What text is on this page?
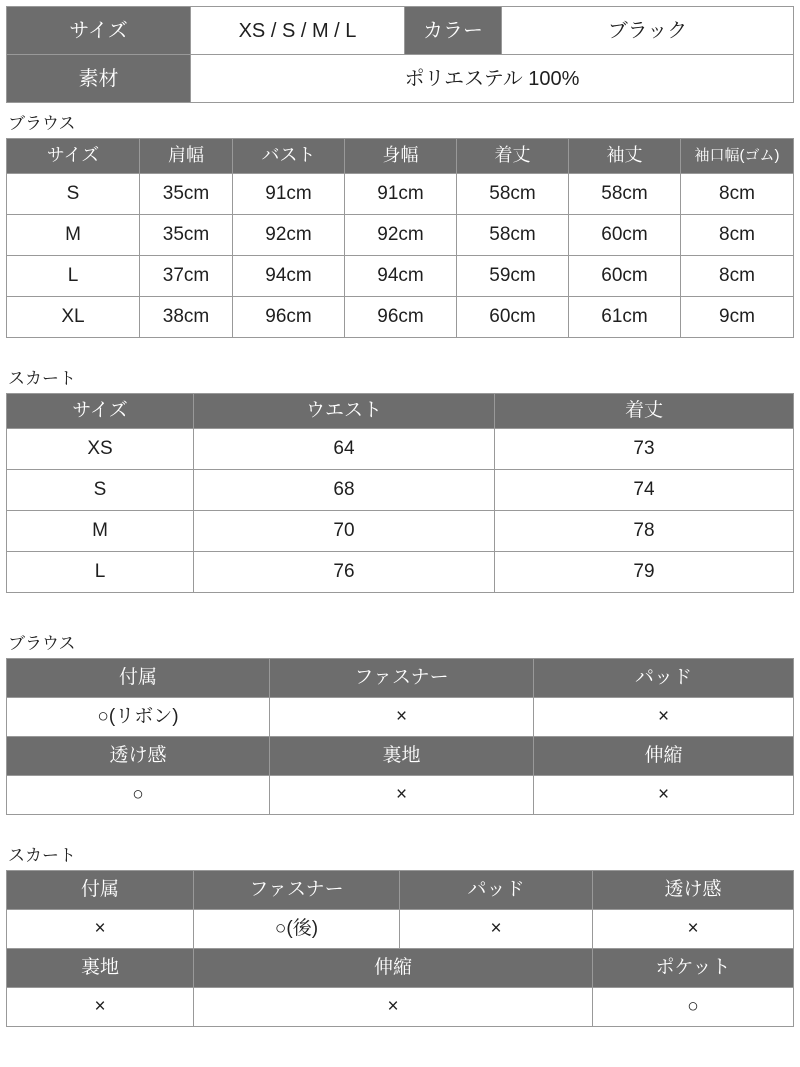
サイズ	XS / S / M / L	カラー	ブラック
素材	ポリエステル 100%		
ブラウス
サイズ	肩幅	バスト	身幅	着丈	袖丈	袖口幅(ゴム)
S	35cm	91cm	91cm	58cm	58cm	8cm
M	35cm	92cm	92cm	58cm	60cm	8cm
L	37cm	94cm	94cm	59cm	60cm	8cm
XL	38cm	96cm	96cm	60cm	61cm	9cm
スカート
サイズ	ウエスト	着丈
XS	64	73
S	68	74
M	70	78
L	76	79
ブラウス
付属	ファスナー	パッド
○(リボン)	×	×
透け感	裏地	伸縮
○	×	×
スカート
付属	ファスナー	パッド	透け感
×	○(後)	×	×
裏地	伸縮		ポケット
×	×		○
